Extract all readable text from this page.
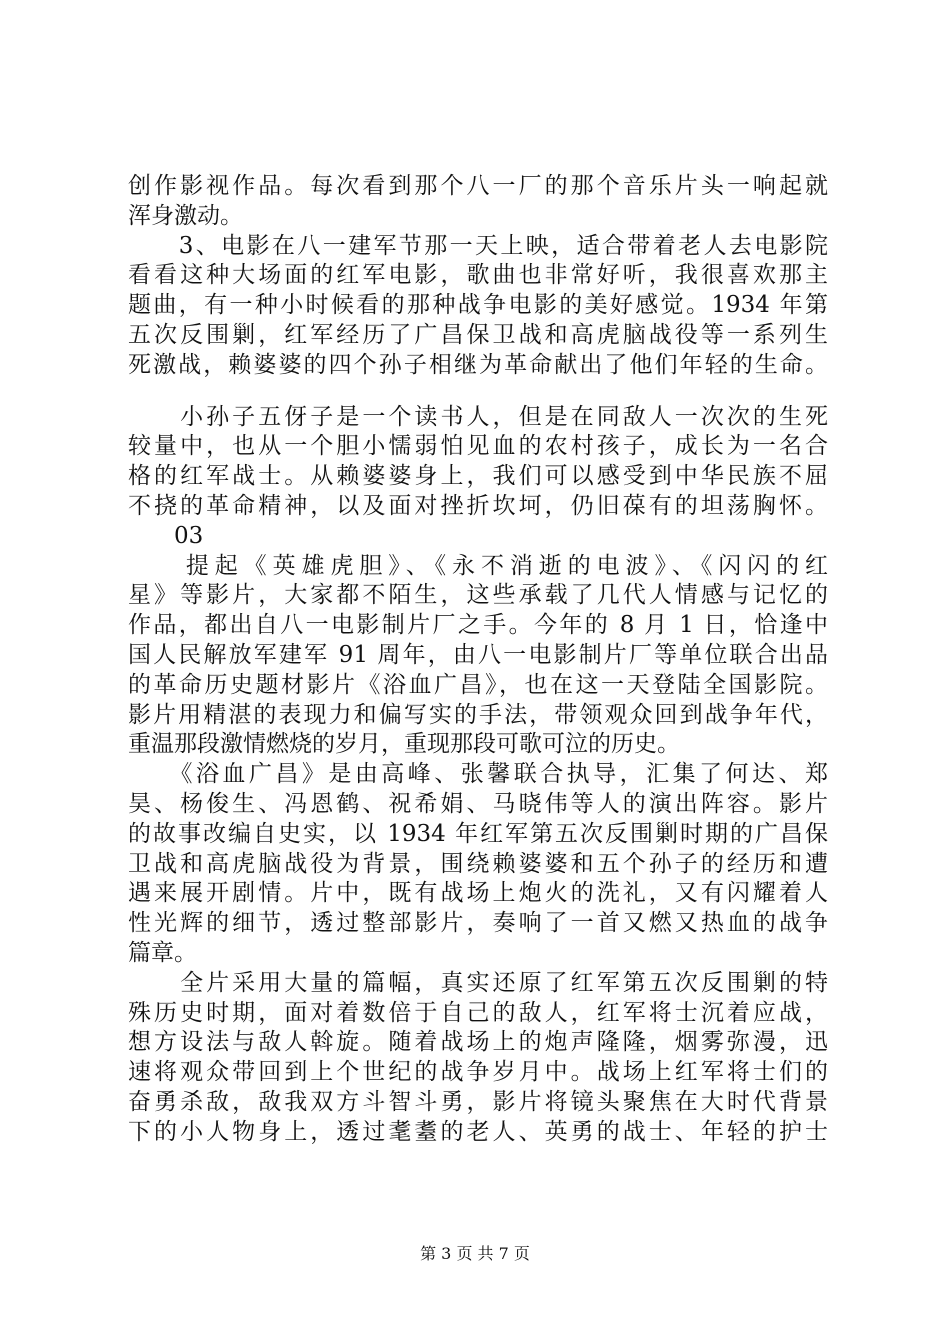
创作影视作品。每次看到那个八一厂的那个音乐片头一响起就
浑身激动。
　　3、电影在八一建军节那一天上映，适合带着老人去电影院
看看这种大场面的红军电影，歌曲也非常好听，我很喜欢那主
题曲，有一种小时候看的那种战争电影的美好感觉。1934 年第
五次反围剿，红军经历了广昌保卫战和高虎脑战役等一系列生
死激战，赖婆婆的四个孙子相继为革命献出了他们年轻的生命。
　　小孙子五伢子是一个读书人，但是在同敌人一次次的生死
较量中，也从一个胆小懦弱怕见血的农村孩子，成长为一名合
格的红军战士。从赖婆婆身上，我们可以感受到中华民族不屈
不挠的革命精神，以及面对挫折坎坷，仍旧葆有的坦荡胸怀。
　　03
　　提起《英雄虎胆》、《永不消逝的电波》、《闪闪的红
星》等影片，大家都不陌生，这些承载了几代人情感与记忆的
作品，都出自八一电影制片厂之手。今年的 8 月 1 日，恰逢中
国人民解放军建军 91 周年，由八一电影制片厂等单位联合出品
的革命历史题材影片《浴血广昌》，也在这一天登陆全国影院。
影片用精湛的表现力和偏写实的手法，带领观众回到战争年代，
重温那段激情燃烧的岁月，重现那段可歌可泣的历史。
　　《浴血广昌》是由高峰、张馨联合执导，汇集了何达、郑
昊、杨俊生、冯恩鹤、祝希娟、马晓伟等人的演出阵容。影片
的故事改编自史实，以 1934 年红军第五次反围剿时期的广昌保
卫战和高虎脑战役为背景，围绕赖婆婆和五个孙子的经历和遭
遇来展开剧情。片中，既有战场上炮火的洗礼，又有闪耀着人
性光辉的细节，透过整部影片，奏响了一首又燃又热血的战争
篇章。
　　全片采用大量的篇幅，真实还原了红军第五次反围剿的特
殊历史时期，面对着数倍于自己的敌人，红军将士沉着应战，
想方设法与敌人斡旋。随着战场上的炮声隆隆，烟雾弥漫，迅
速将观众带回到上个世纪的战争岁月中。战场上红军将士们的
奋勇杀敌，敌我双方斗智斗勇，影片将镜头聚焦在大时代背景
下的小人物身上，透过耄耋的老人、英勇的战士、年轻的护士
第 3 页 共 7 页
